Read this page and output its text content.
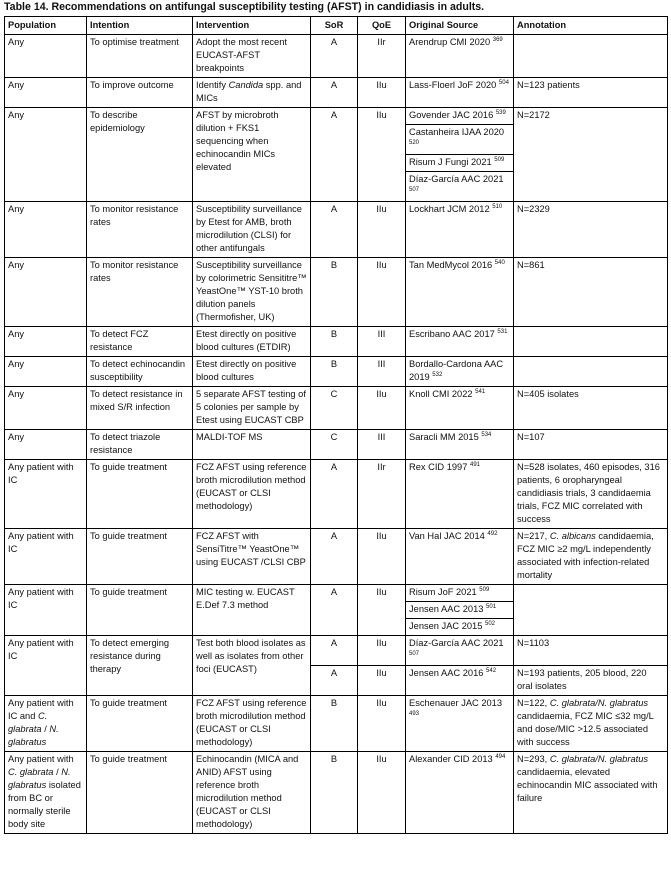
Table 14. Recommendations on antifungal susceptibility testing (AFST) in candidiasis in adults.
Population	Intention	Intervention	SoR	QoE	Original Source	Annotation
Any	To optimise treatment	Adopt the most recent EUCAST-AFST breakpoints	A	IIr	Arendrup CMI 2020 $^{369}$	
Any	To improve outcome	Identify Candida spp. and MICs	A	IIu	Lass-Floerl JoF 2020 $^{504}$	N=123 patients
Any	To describe epidemiology	AFST by microbroth dilution + FKS1 sequencing when echinocandin MICs elevated	A	IIu	Govender JAC 2016 $^{539}$	N=2172
					Castanheira IJAA 2020 $^{520}$
					Risum J Fungi 2021 $^{509}$
					Díaz-García AAC 2021 $^{507}$
Any	To monitor resistance rates	Susceptibility surveillance by Etest for AMB, broth microdilution (CLSI) for other antifungals	A	IIu	Lockhart JCM 2012 $^{510}$	N=2329
Any	To monitor resistance rates	Susceptibility surveillance by colorimetric Sensititre™ YeastOne™ YST-10 broth dilution panels (Thermofisher, UK)	B	IIu	Tan MedMycol 2016 $^{540}$	N=861
Any	To detect FCZ resistance	Etest directly on positive blood cultures (ETDIR)	B	III	Escribano AAC 2017 $^{531}$	
Any	To detect echinocandin susceptibility	Etest directly on positive blood cultures	B	III	Bordallo-Cardona AAC 2019 $^{532}$	
Any	To detect resistance in mixed S/R infection	5 separate AFST testing of 5 colonies per sample by Etest using EUCAST CBP	C	IIu	Knoll CMI 2022 $^{541}$	N=405 isolates
Any	To detect triazole resistance	MALDI-TOF MS	C	III	Saracli MM 2015 $^{534}$	N=107
Any patient with IC	To guide treatment	FCZ AFST using reference broth microdilution method (EUCAST or CLSI methodology)	A	IIr	Rex CID 1997 $^{491}$	N=528 isolates, 460 episodes, 316 patients, 6 oropharyngeal candidiasis trials, 3 candidaemia trials, FCZ MIC correlated with success
Any patient with IC	To guide treatment	FCZ AFST with SensiTitre™ YeastOne™ using EUCAST /CLSI CBP	A	IIu	Van Hal JAC 2014 $^{492}$	N=217, C. albicans candidaemia, FCZ MIC ≥2 mg/L independently associated with infection-related mortality
Any patient with IC	To guide treatment	MIC testing w. EUCAST E.Def 7.3 method	A	IIu	Risum JoF 2021 $^{509}$	
					Jensen AAC 2013 $^{501}$
					Jensen JAC 2015 $^{502}$
Any patient with IC	To detect emerging resistance during therapy	Test both blood isolates as well as isolates from other foci (EUCAST)	A	IIu	Díaz-García AAC 2021 $^{507}$	N=1103
			A	IIu	Jensen AAC 2016 $^{542}$	N=193 patients, 205 blood, 220 oral isolates
Any patient with IC and C. glabrata / N. glabratus	To guide treatment	FCZ AFST using reference broth microdilution method (EUCAST or CLSI methodology)	B	IIu	Eschenauer JAC 2013 $^{493}$	N=122, C. glabrata/N. glabratus candidaemia, FCZ MIC ≤32 mg/L and dose/MIC >12.5 associated with success
Any patient with C. glabrata / N. glabratus isolated from BC or normally sterile body site	To guide treatment	Echinocandin (MICA and ANID) AFST using reference broth microdilution method (EUCAST or CLSI methodology)	B	IIu	Alexander CID 2013 $^{494}$	N=293, C. glabrata/N. glabratus candidaemia, elevated echinocandin MIC associated with failure
